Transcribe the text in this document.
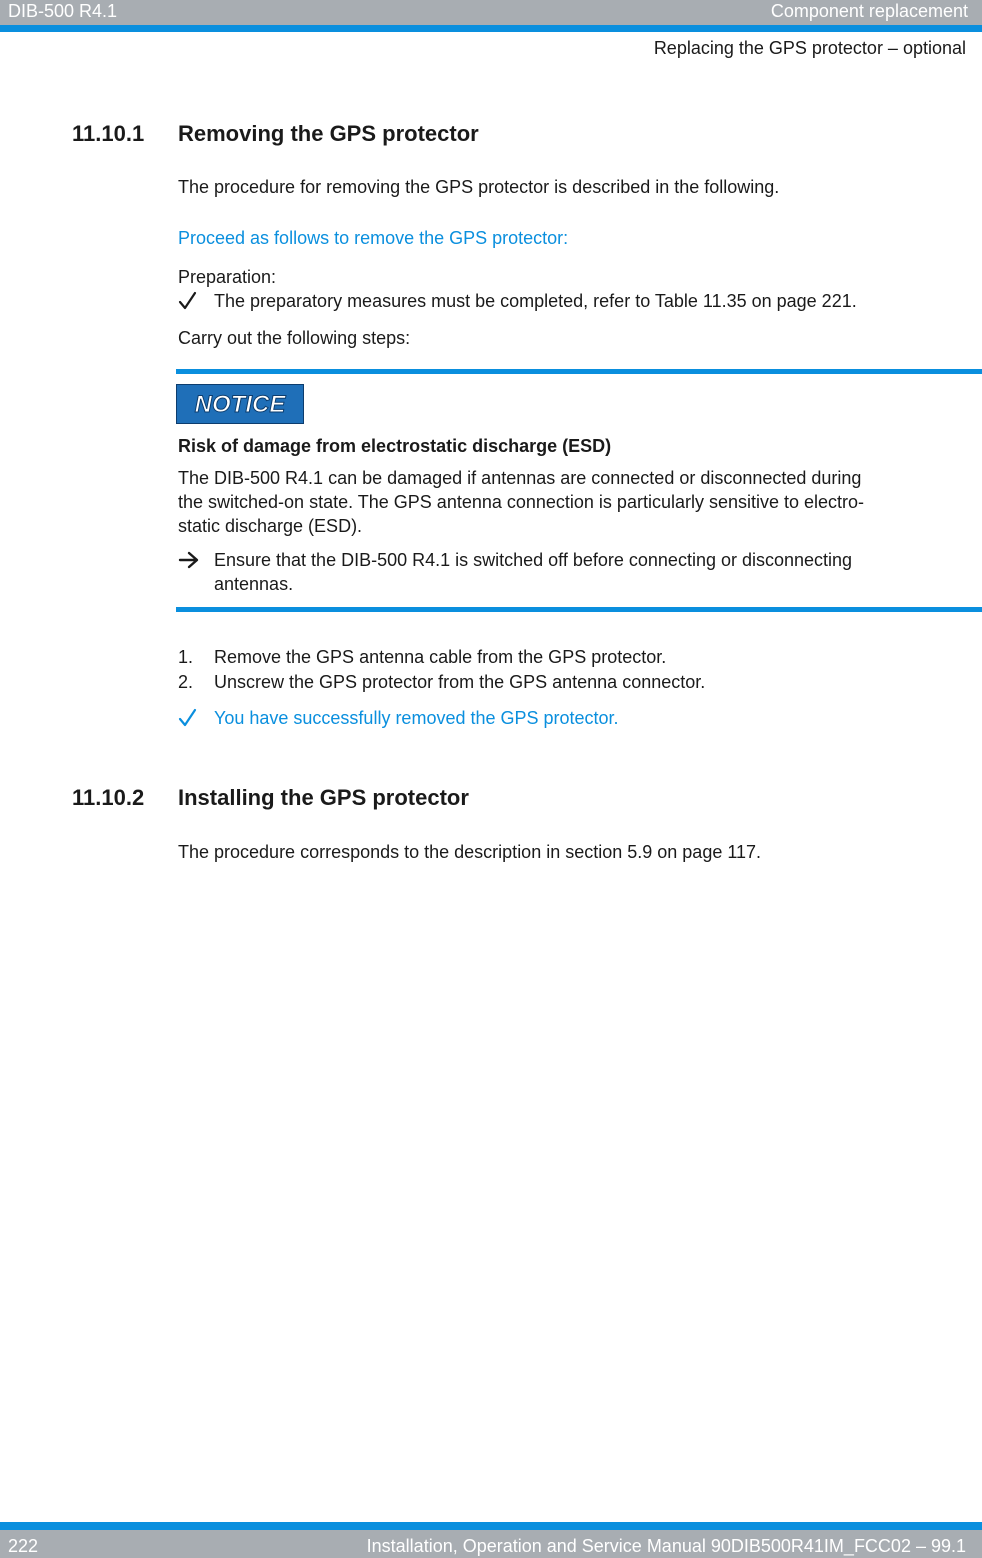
DIB-500 R4.1	Component replacement
Replacing the GPS protector – optional
11.10.1 Removing the GPS protector
The procedure for removing the GPS protector is described in the following.
Proceed as follows to remove the GPS protector:
Preparation:
The preparatory measures must be completed, refer to Table 11.35 on page 221.
Carry out the following steps:
NOTICE
Risk of damage from electrostatic discharge (ESD)
The DIB-500 R4.1 can be damaged if antennas are connected or disconnected during
the switched-on state. The GPS antenna connection is particularly sensitive to electro-
static discharge (ESD).
Ensure that the DIB-500 R4.1 is switched off before connecting or disconnecting
antennas.
1.	Remove the GPS antenna cable from the GPS protector.
2.	Unscrew the GPS protector from the GPS antenna connector.
You have successfully removed the GPS protector.
11.10.2 Installing the GPS protector
The procedure corresponds to the description in section 5.9 on page 117.
222	Installation, Operation and Service Manual 90DIB500R41IM_FCC02 – 99.1
